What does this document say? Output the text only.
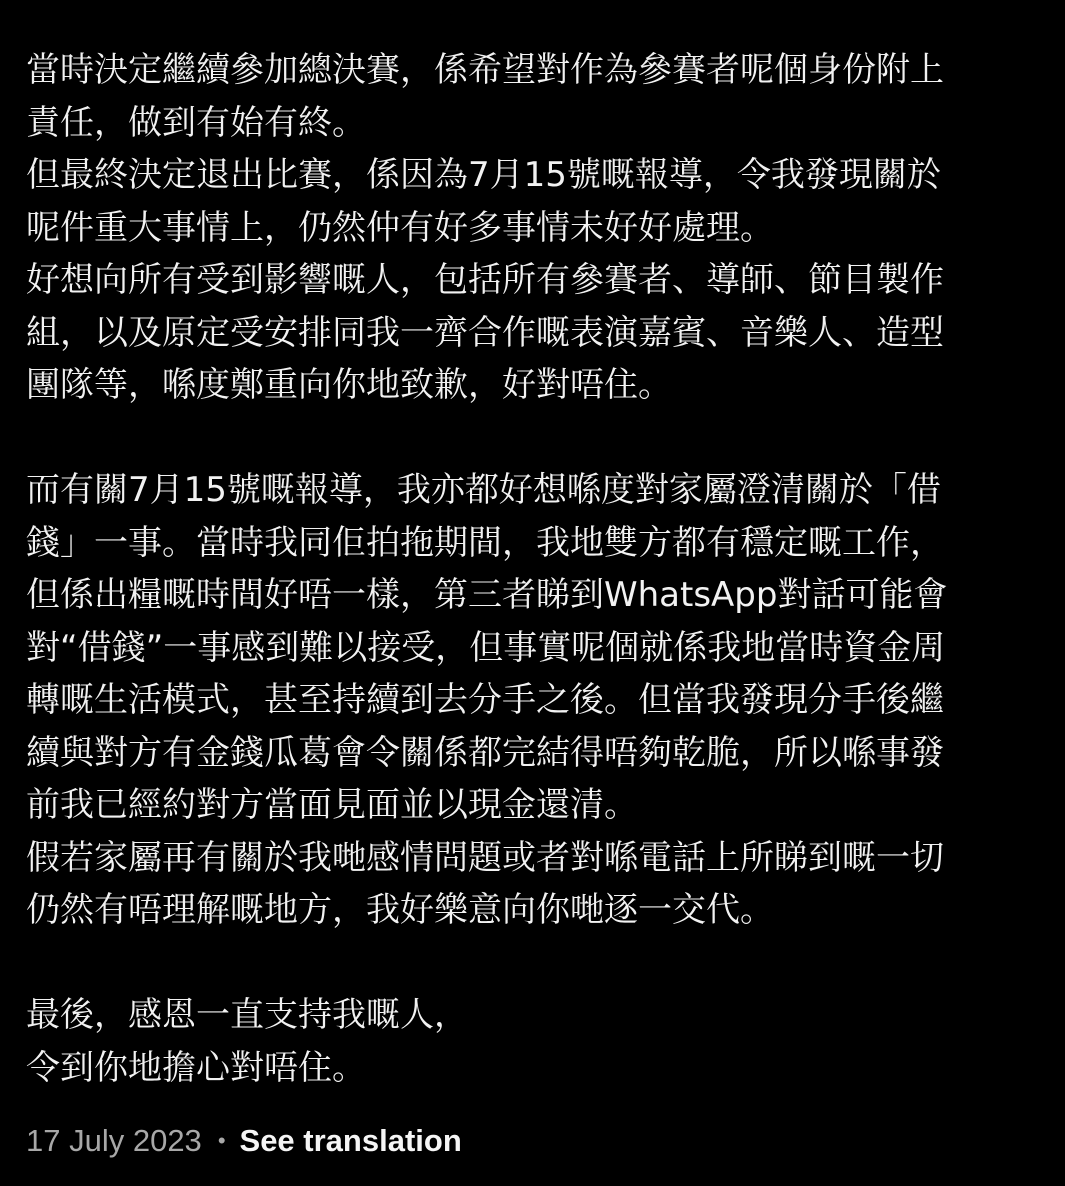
當時決定繼續參加總決賽，係希望對作為參賽者呢個身份附上
責任，做到有始有終。
但最終決定退出比賽，係因為7月15號嘅報導，令我發現關於
呢件重大事情上，仍然仲有好多事情未好好處理。
好想向所有受到影響嘅人，包括所有參賽者、導師、節目製作
組，以及原定受安排同我一齊合作嘅表演嘉賓、音樂人、造型
團隊等，喺度鄭重向你地致歉，好對唔住。
而有關7月15號嘅報導，我亦都好想喺度對家屬澄清關於「借
錢」一事。當時我同佢拍拖期間，我地雙方都有穩定嘅工作，
但係出糧嘅時間好唔一樣，第三者睇到WhatsApp對話可能會
對“借錢”一事感到難以接受，但事實呢個就係我地當時資金周
轉嘅生活模式，甚至持續到去分手之後。但當我發現分手後繼
續與對方有金錢瓜葛會令關係都完結得唔夠乾脆，所以喺事發
前我已經約對方當面見面並以現金還清。
假若家屬再有關於我哋感情問題或者對喺電話上所睇到嘅一切
仍然有唔理解嘅地方，我好樂意向你哋逐一交代。
最後，感恩一直支持我嘅人，
令到你地擔心對唔住。
17 July 2023 • See translation
